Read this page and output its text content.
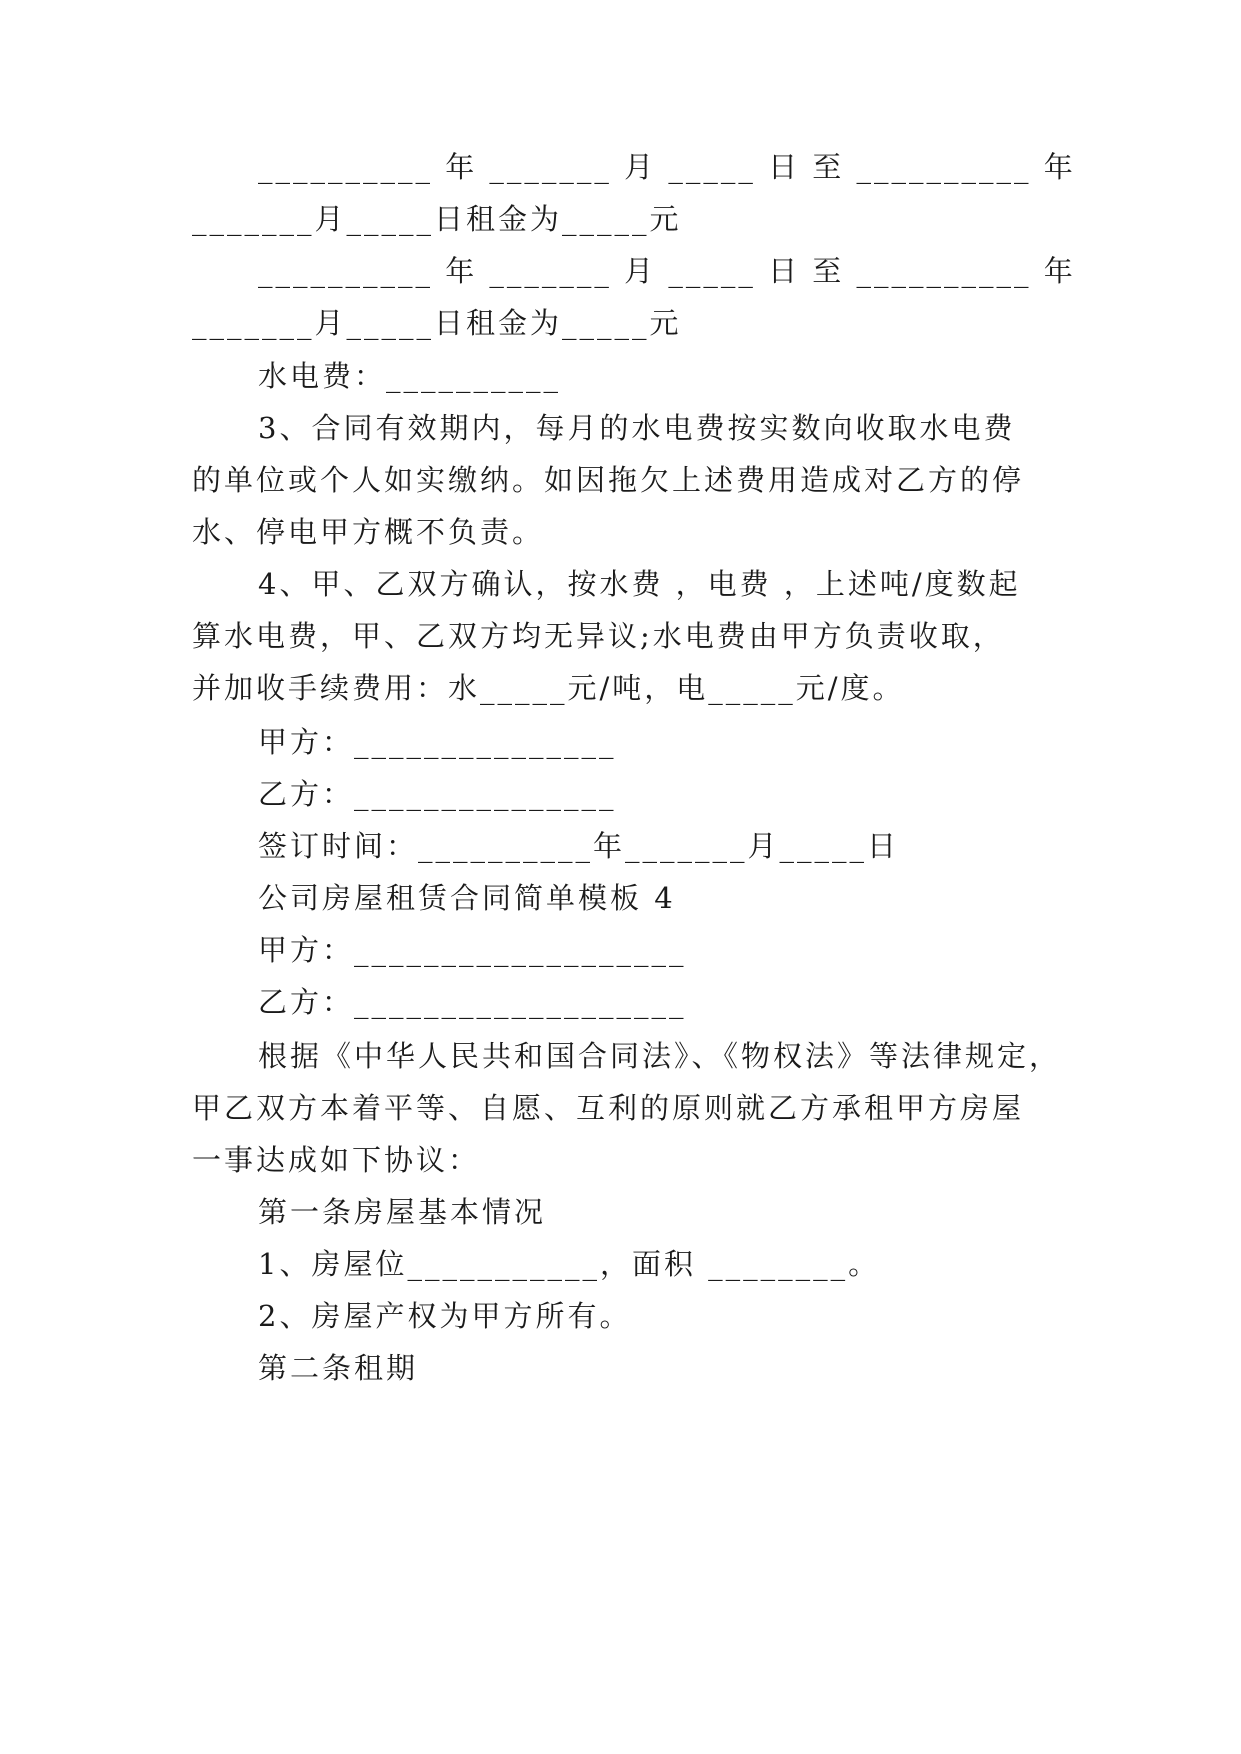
__________ 年 _______ 月 _____ 日 至 __________ 年
_______月_____日租金为_____元
__________ 年 _______ 月 _____ 日 至 __________ 年
_______月_____日租金为_____元
水电费：__________
3、合同有效期内，每月的水电费按实数向收取水电费
的单位或个人如实缴纳。如因拖欠上述费用造成对乙方的停
水、停电甲方概不负责。
4、甲、乙双方确认，按水费 ，电费 ，上述吨/度数起
算水电费，甲、乙双方均无异议;水电费由甲方负责收取，
并加收手续费用：水_____元/吨，电_____元/度。
甲方：_______________
乙方：_______________
签订时间：__________年_______月_____日
公司房屋租赁合同简单模板 4
甲方：___________________
乙方：___________________
根据《中华人民共和国合同法》、《物权法》等法律规定，
甲乙双方本着平等、自愿、互利的原则就乙方承租甲方房屋
一事达成如下协议：
第一条房屋基本情况
1、房屋位___________，面积 ________。
2、房屋产权为甲方所有。
第二条租期
